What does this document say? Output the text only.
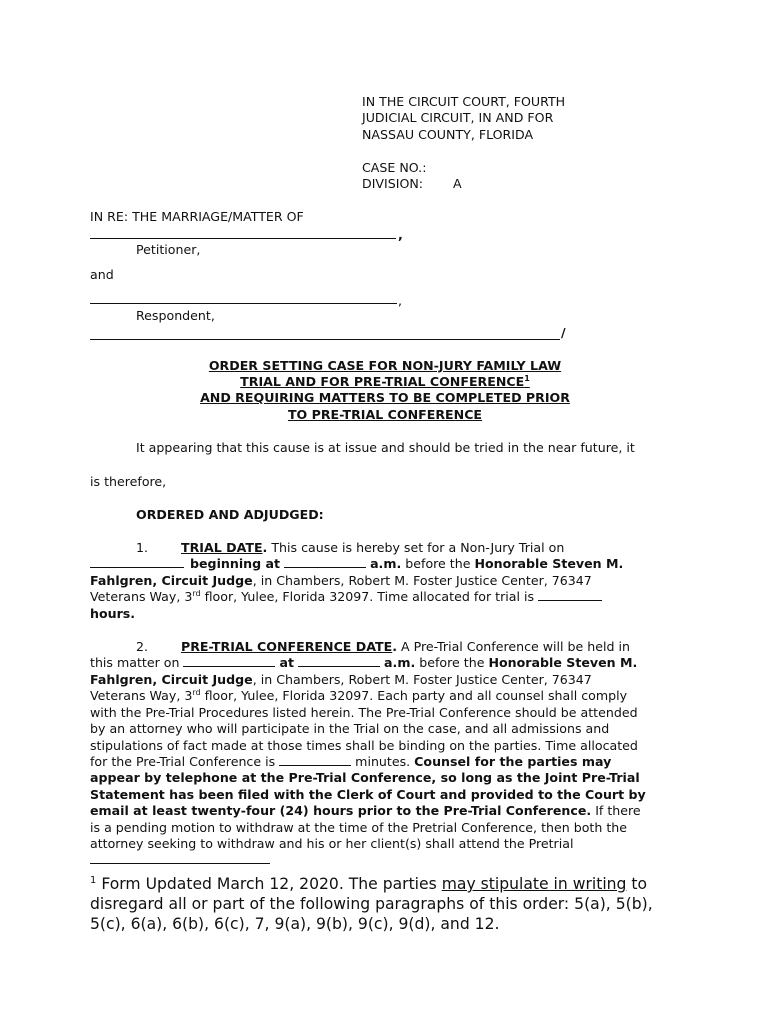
IN THE CIRCUIT COURT, FOURTH
JUDICIAL CIRCUIT, IN AND FOR
NASSAU COUNTY, FLORIDA
CASE NO.:
DIVISION: A
IN RE: THE MARRIAGE/MATTER OF
,
Petitioner,
and
,
Respondent,
/
ORDER SETTING CASE FOR NON-JURY FAMILY LAW
TRIAL AND FOR PRE-TRIAL CONFERENCE$^1$
AND REQUIRING MATTERS TO BE COMPLETED PRIOR
TO PRE-TRIAL CONFERENCE
It appearing that this cause is at issue and should be tried in the near future, it
is therefore,
ORDERED AND ADJUDGED:
1.	TRIAL DATE. This cause is hereby set for a Non-Jury Trial on
beginning at	a.m. before the Honorable Steven M.
Fahlgren, Circuit Judge, in Chambers, Robert M. Foster Justice Center, 76347
Veterans Way, 3rd floor, Yulee, Florida 32097. Time allocated for trial is
hours.
2.	PRE-TRIAL CONFERENCE DATE. A Pre-Trial Conference will be held in
this matter on	at	a.m. before the Honorable Steven M.
Fahlgren, Circuit Judge, in Chambers, Robert M. Foster Justice Center, 76347
Veterans Way, 3rd floor, Yulee, Florida 32097. Each party and all counsel shall comply
with the Pre-Trial Procedures listed herein. The Pre-Trial Conference should be attended
by an attorney who will participate in the Trial on the case, and all admissions and
stipulations of fact made at those times shall be binding on the parties. Time allocated
for the Pre-Trial Conference is	minutes. Counsel for the parties may
appear by telephone at the Pre-Trial Conference, so long as the Joint Pre-Trial
Statement has been filed with the Clerk of Court and provided to the Court by
email at least twenty-four (24) hours prior to the Pre-Trial Conference. If there
is a pending motion to withdraw at the time of the Pretrial Conference, then both the
attorney seeking to withdraw and his or her client(s) shall attend the Pretrial
$^1$ Form Updated March 12, 2020. The parties may stipulate in writing to
disregard all or part of the following paragraphs of this order: 5(a), 5(b),
5(c), 6(a), 6(b), 6(c), 7, 9(a), 9(b), 9(c), 9(d), and 12.
